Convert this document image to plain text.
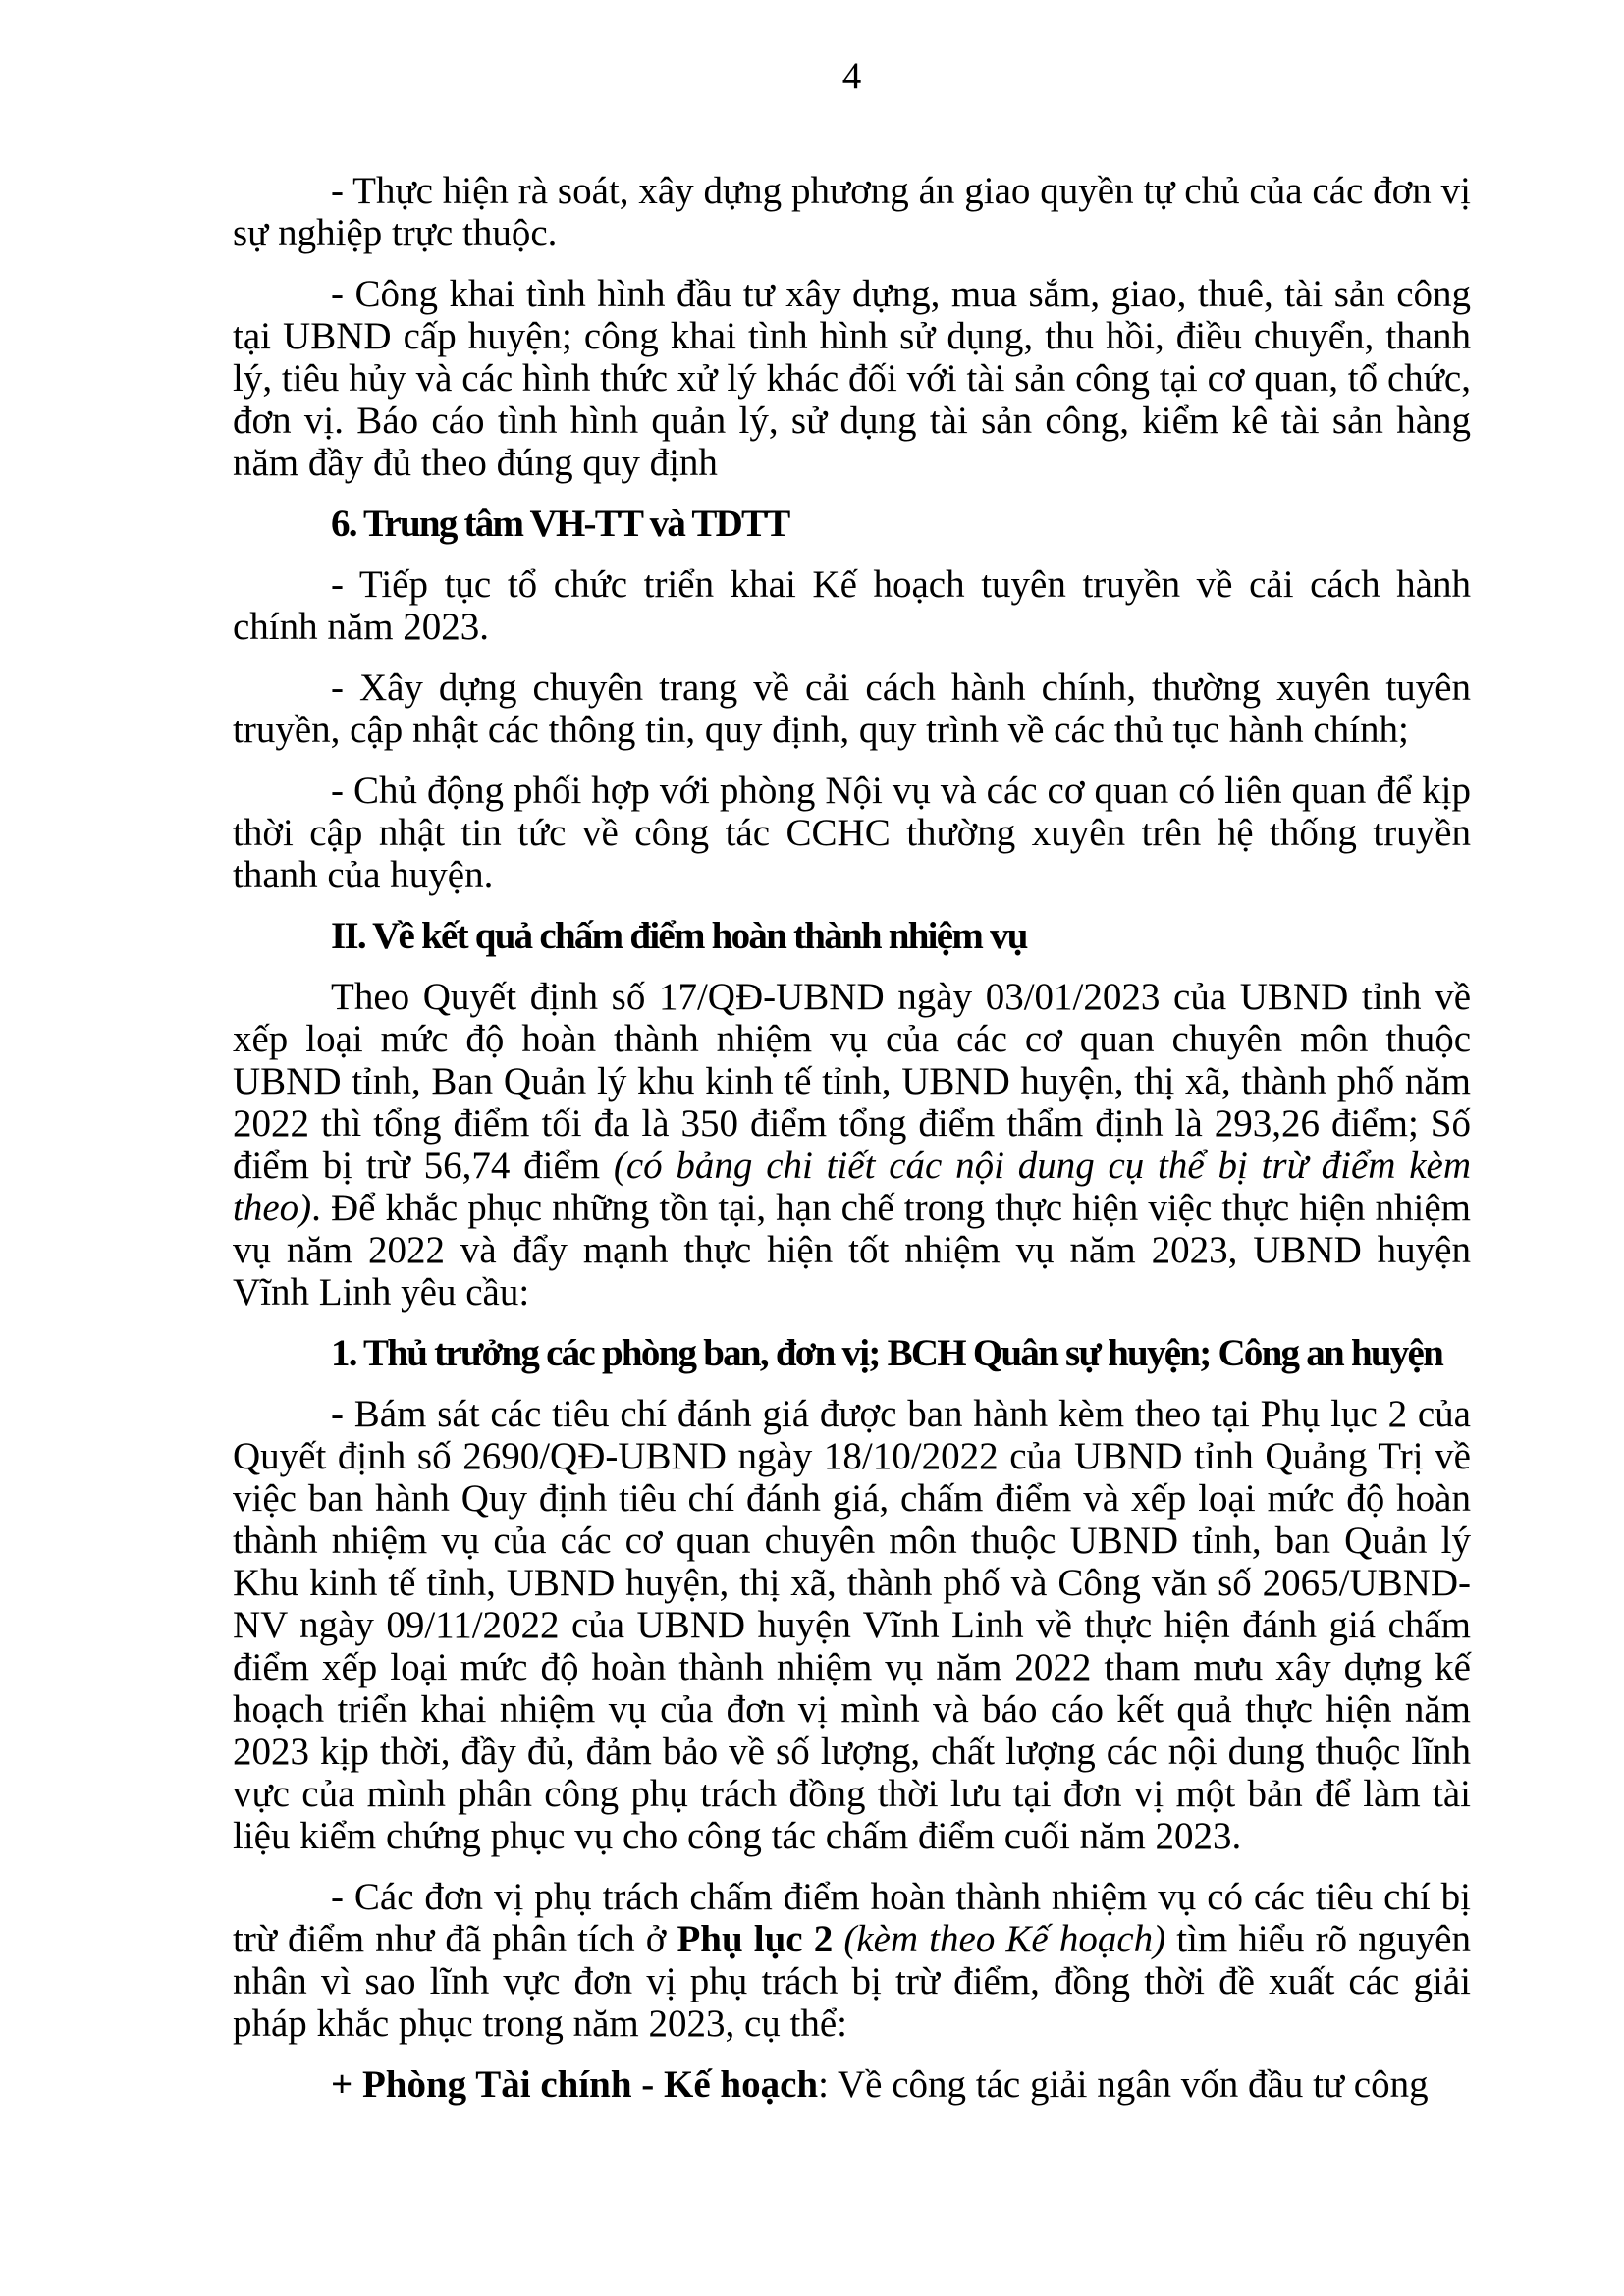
4

- Thực hiện rà soát, xây dựng phương án giao quyền tự chủ của các đơn vị sự nghiệp trực thuộc.

- Công khai tình hình đầu tư xây dựng, mua sắm, giao, thuê, tài sản công tại UBND cấp huyện; công khai tình hình sử dụng, thu hồi, điều chuyển, thanh lý, tiêu hủy và các hình thức xử lý khác đối với tài sản công tại cơ quan, tổ chức, đơn vị. Báo cáo tình hình quản lý, sử dụng tài sản công, kiểm kê tài sản hàng năm đầy đủ theo đúng quy định

6. Trung tâm VH-TT và TDTT

- Tiếp tục tổ chức triển khai Kế hoạch tuyên truyền về cải cách hành chính năm 2023.

- Xây dựng chuyên trang về cải cách hành chính, thường xuyên tuyên truyền, cập nhật các thông tin, quy định, quy trình về các thủ tục hành chính;

- Chủ động phối hợp với phòng Nội vụ và các cơ quan có liên quan để kịp thời cập nhật tin tức về công tác CCHC thường xuyên trên hệ thống truyền thanh của huyện.

II. Về kết quả chấm điểm hoàn thành nhiệm vụ

Theo Quyết định số 17/QĐ-UBND ngày 03/01/2023 của UBND tỉnh về xếp loại mức độ hoàn thành nhiệm vụ của các cơ quan chuyên môn thuộc UBND tỉnh, Ban Quản lý khu kinh tế tỉnh, UBND huyện, thị xã, thành phố năm 2022 thì tổng điểm tối đa là 350 điểm tổng điểm thẩm định là 293,26 điểm; Số điểm bị trừ 56,74 điểm (có bảng chi tiết các nội dung cụ thể bị trừ điểm kèm theo). Để khắc phục những tồn tại, hạn chế trong thực hiện việc thực hiện nhiệm vụ năm 2022 và đẩy mạnh thực hiện tốt nhiệm vụ năm 2023, UBND huyện Vĩnh Linh yêu cầu:

1. Thủ trưởng các phòng ban, đơn vị; BCH Quân sự huyện; Công an huyện

- Bám sát các tiêu chí đánh giá được ban hành kèm theo tại Phụ lục 2 của Quyết định số 2690/QĐ-UBND ngày 18/10/2022 của UBND tỉnh Quảng Trị về việc ban hành Quy định tiêu chí đánh giá, chấm điểm và xếp loại mức độ hoàn thành nhiệm vụ của các cơ quan chuyên môn thuộc UBND tỉnh, ban Quản lý Khu kinh tế tỉnh, UBND huyện, thị xã, thành phố và Công văn số 2065/UBND-NV ngày 09/11/2022 của UBND huyện Vĩnh Linh về thực hiện đánh giá chấm điểm xếp loại mức độ hoàn thành nhiệm vụ năm 2022 tham mưu xây dựng kế hoạch triển khai nhiệm vụ của đơn vị mình và báo cáo kết quả thực hiện năm 2023 kịp thời, đầy đủ, đảm bảo về số lượng, chất lượng các nội dung thuộc lĩnh vực của mình phân công phụ trách đồng thời lưu tại đơn vị một bản để làm tài liệu kiểm chứng phục vụ cho công tác chấm điểm cuối năm 2023.

- Các đơn vị phụ trách chấm điểm hoàn thành nhiệm vụ có các tiêu chí bị trừ điểm như đã phân tích ở Phụ lục 2 (kèm theo Kế hoạch) tìm hiểu rõ nguyên nhân vì sao lĩnh vực đơn vị phụ trách bị trừ điểm, đồng thời đề xuất các giải pháp khắc phục trong năm 2023, cụ thể:

+ Phòng Tài chính - Kế hoạch: Về công tác giải ngân vốn đầu tư công
